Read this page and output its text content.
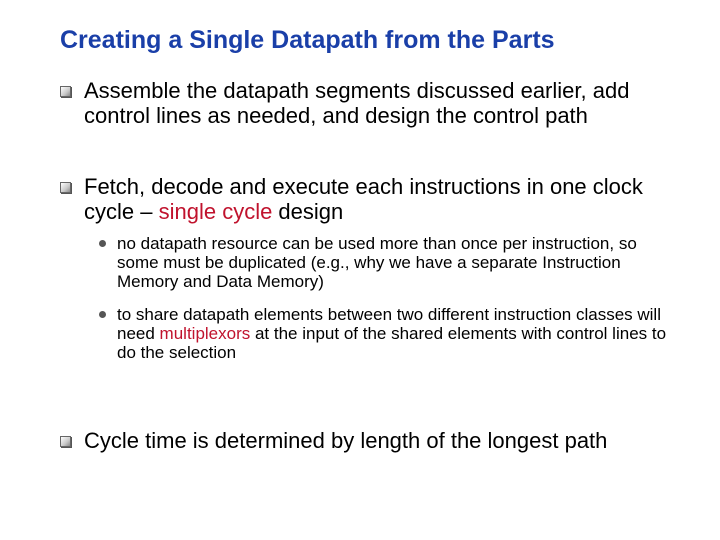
Creating a Single Datapath from the Parts
Assemble the datapath segments discussed earlier, add control lines as needed, and design the control path
Fetch, decode and execute each instructions in one clock cycle – single cycle design
no datapath resource can be used more than once per instruction, so some must be duplicated (e.g., why we have a separate Instruction Memory and Data Memory)
to share datapath elements between two different instruction classes will need multiplexors at the input of the shared elements with control lines to do the selection
Cycle time is determined by length of the longest path
